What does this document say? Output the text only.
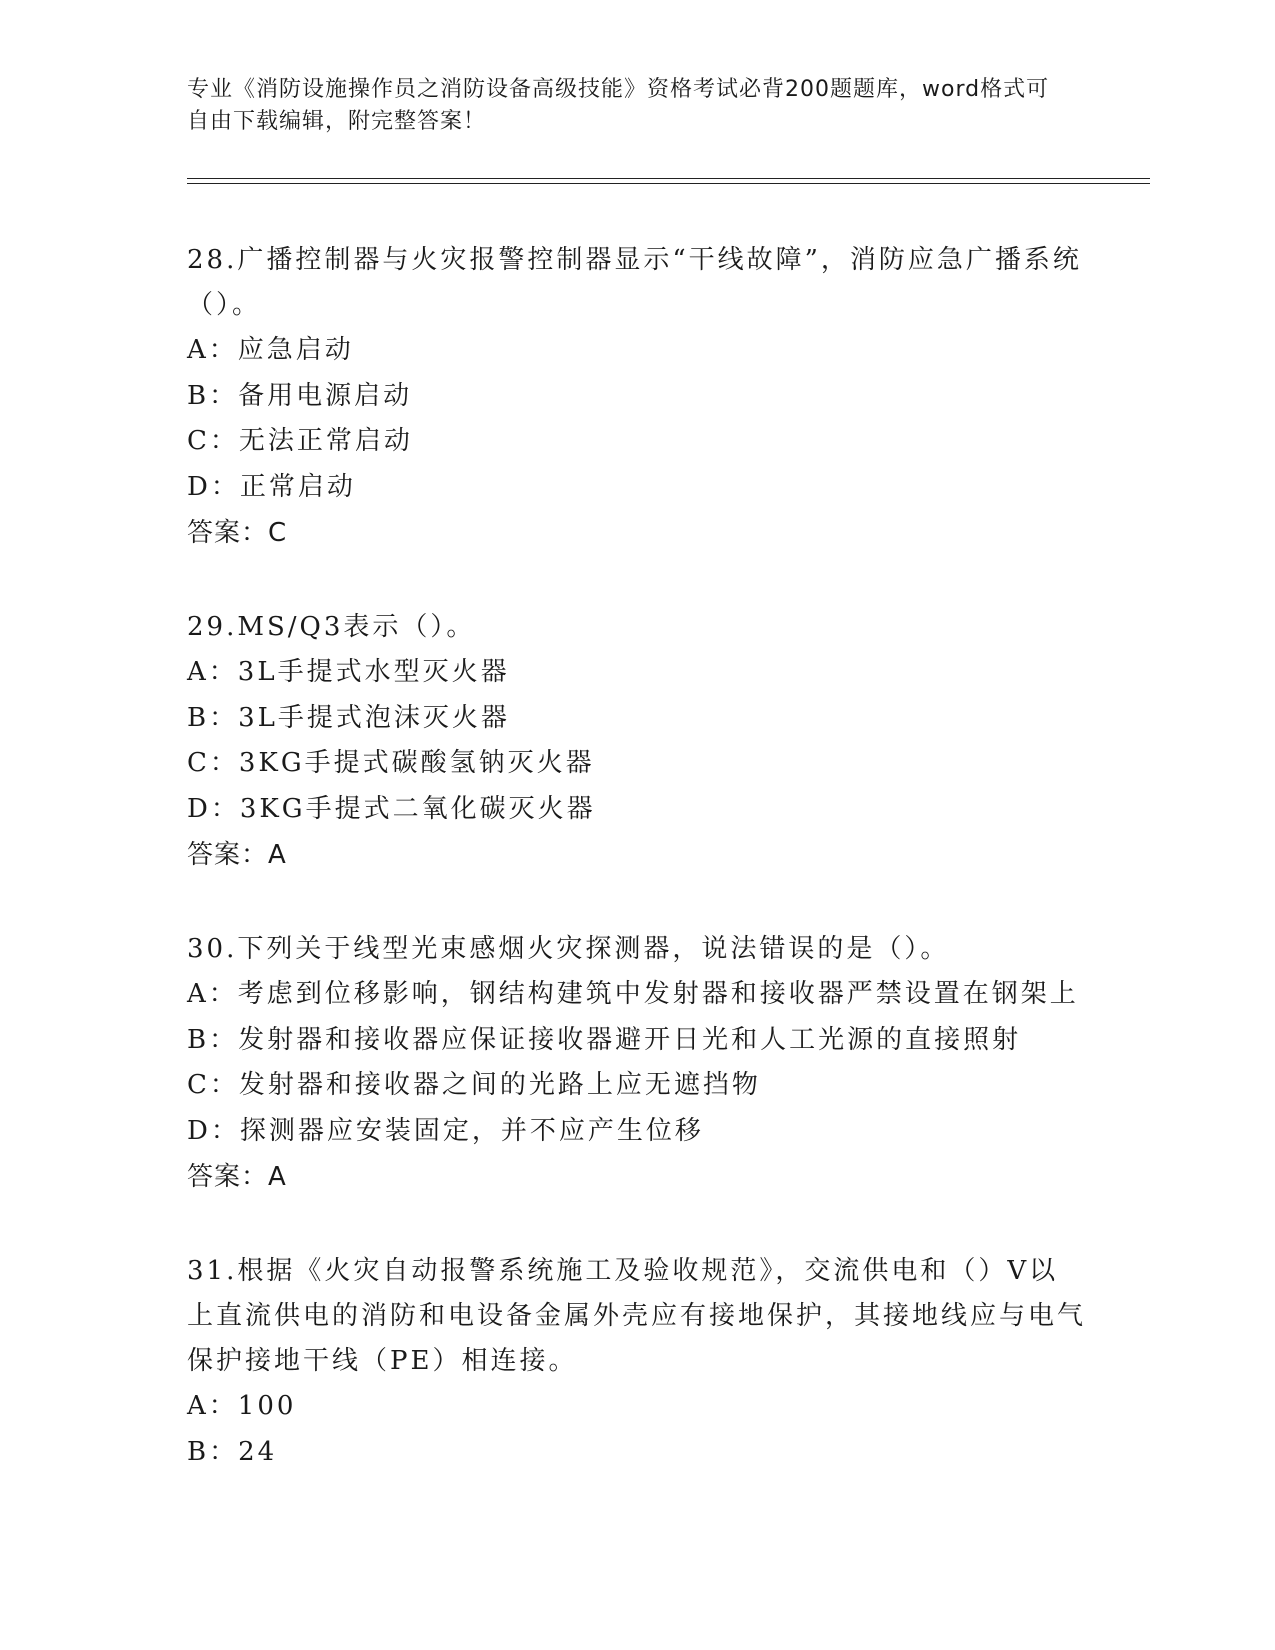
专业《消防设施操作员之消防设备高级技能》资格考试必背200题题库，word格式可自由下载编辑，附完整答案！
28.广播控制器与火灾报警控制器显示“干线故障”，消防应急广播系统（）。
A：应急启动
B：备用电源启动
C：无法正常启动
D：正常启动
答案：C
29.MS/Q3表示（）。
A：3L手提式水型灭火器
B：3L手提式泡沫灭火器
C：3KG手提式碳酸氢钠灭火器
D：3KG手提式二氧化碳灭火器
答案：A
30.下列关于线型光束感烟火灾探测器，说法错误的是（）。
A：考虑到位移影响，钢结构建筑中发射器和接收器严禁设置在钢架上
B：发射器和接收器应保证接收器避开日光和人工光源的直接照射
C：发射器和接收器之间的光路上应无遮挡物
D：探测器应安装固定，并不应产生位移
答案：A
31.根据《火灾自动报警系统施工及验收规范》，交流供电和（）V以上直流供电的消防和电设备金属外壳应有接地保护，其接地线应与电气保护接地干线（PE）相连接。
A：100
B：24
